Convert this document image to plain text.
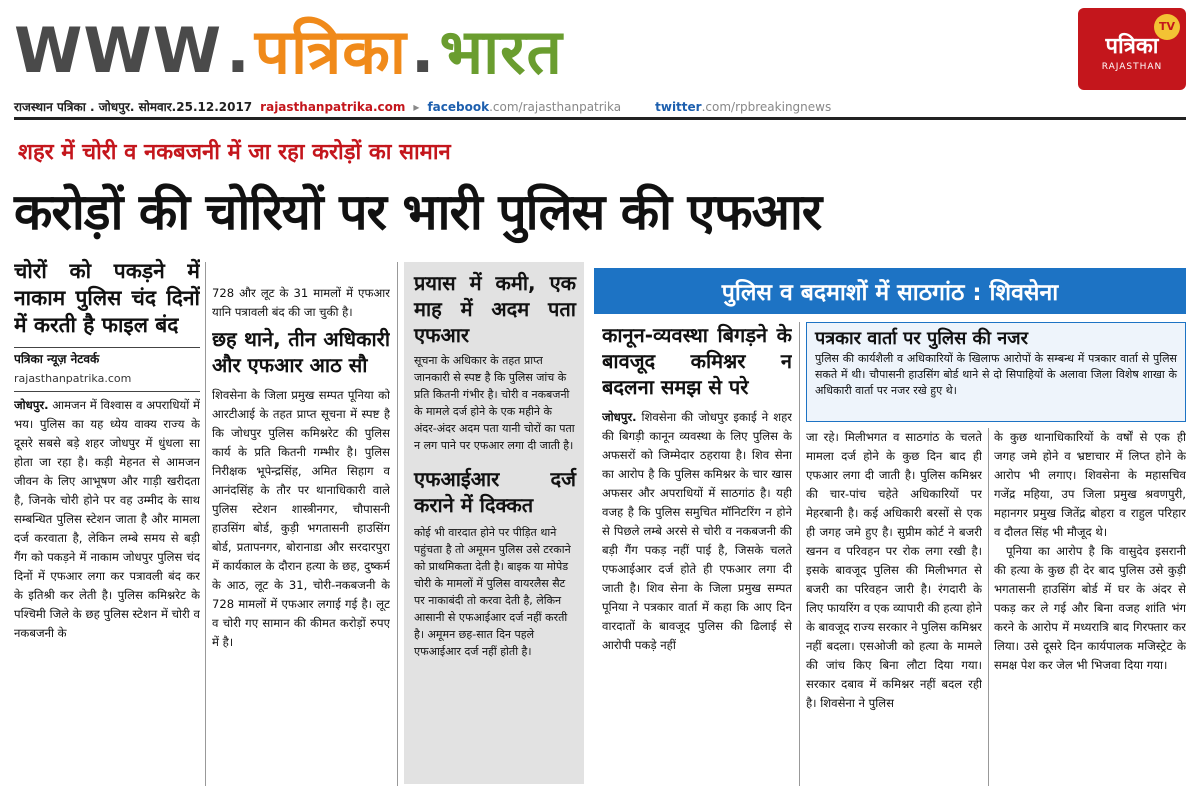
WWW . पत्रिका . भारत	TV
पत्रिका
RAJASTHAN
राजस्थान पत्रिका . जोधपुर. सोमवार.25.12.2017 rajasthanpatrika.com ▸ facebook.com/rajasthanpatrika	twitter.com/rpbreakingnews
शहर में चोरी व नकबजनी में जा रहा करोड़ों का सामान
करोड़ों की चोरियों पर भारी पुलिस की एफआर
चोरों को पकड़ने में नाकाम पुलिस चंद दिनों में करती है फाइल बंद
पत्रिका न्यूज़ नेटवर्क
rajasthanpatrika.com

जोधपुर. आमजन में विश्वास व अपराधियों में भय। पुलिस का यह ध्येय वाक्य राज्य के दूसरे सबसे बड़े शहर जोधपुर में धुंधला सा होता जा रहा है। कड़ी मेहनत से आमजन जीवन के लिए आभूषण और गाड़ी खरीदता है, जिनके चोरी होने पर वह उम्मीद के साथ सम्बन्धित पुलिस स्टेशन जाता है और मामला दर्ज करवाता है, लेकिन लम्बे समय से बड़ी गैंग को पकड़ने में नाकाम जोधपुर पुलिस चंद दिनों में एफआर लगा कर पत्रावली बंद कर के इतिश्री कर लेती है। पुलिस कमिश्नरेट के पश्चिमी जिले के छह पुलिस स्टेशन में चोरी व नकबजनी के

728 और लूट के 31 मामलों में एफआर यानि पत्रावली बंद की जा चुकी है।

छह थाने, तीन अधिकारी और एफआर आठ सौ

शिवसेना के जिला प्रमुख सम्पत पूनिया को आरटीआई के तहत प्राप्त सूचना में स्पष्ट है कि जोधपुर पुलिस कमिश्नरेट की पुलिस कार्य के प्रति कितनी गम्भीर है। पुलिस निरीक्षक भूपेन्द्रसिंह, अमित सिहाग व आनंदसिंह के तौर पर थानाधिकारी वाले पुलिस स्टेशन शास्त्रीनगर, चौपासनी हाउसिंग बोर्ड, कुड़ी भगतासनी हाउसिंग बोर्ड, प्रतापनगर, बोरानाडा और सरदारपुरा में कार्यकाल के दौरान हत्या के छह, दुष्कर्म के आठ, लूट के 31, चोरी-नकबजनी के 728 मामलों में एफआर लगाई गई है। लूट व चोरी गए सामान की कीमत करोड़ों रुपए में है।

प्रयास में कमी, एक माह में अदम पता एफआर

सूचना के अधिकार के तहत प्राप्त जानकारी से स्पष्ट है कि पुलिस जांच के प्रति कितनी गंभीर है। चोरी व नकबजनी के मामले दर्ज होने के एक महीने के अंदर-अंदर अदम पता यानी चोरों का पता न लग पाने पर एफआर लगा दी जाती है।

एफआईआर दर्ज कराने में दिक्कत

कोई भी वारदात होने पर पीड़ित थाने पहुंचता है तो अमूमन पुलिस उसे टरकाने को प्राथमिकता देती है। बाइक या मोपेड चोरी के मामलों में पुलिस वायरलैस सैट पर नाकाबंदी तो करवा देती है, लेकिन आसानी से एफआईआर दर्ज नहीं करती है। अमूमन छह-सात दिन पहले एफआईआर दर्ज नहीं होती है।

पुलिस व बदमाशों में साठगांठ : शिवसेना
कानून-व्यवस्था बिगड़ने के बावजूद कमिश्नर न बदलना समझ से परे

जोधपुर. शिवसेना की जोधपुर इकाई ने शहर की बिगड़ी कानून व्यवस्था के लिए पुलिस के अफसरों को जिम्मेदार ठहराया है। शिव सेना का आरोप है कि पुलिस कमिश्नर के चार खास अफसर और अपराधियों में साठगांठ है। यही वजह है कि पुलिस समुचित मॉनिटरिंग न होने से पिछले लम्बे अरसे से चोरी व नकबजनी की बड़ी गैंग पकड़ नहीं पाई है, जिसके चलते एफआईआर दर्ज होते ही एफआर लगा दी जाती है। शिव सेना के जिला प्रमुख सम्पत पूनिया ने पत्रकार वार्ता में कहा कि आए दिन वारदातों के बावजूद पुलिस की ढिलाई से आरोपी पकड़े नहीं

पत्रकार वार्ता पर पुलिस की नजर

पुलिस की कार्यशैली व अधिकारियों के खिलाफ आरोपों के सम्बन्ध में पत्रकार वार्ता से पुलिस सकते में थी। चौपासनी हाउसिंग बोर्ड थाने से दो सिपाहियों के अलावा जिला विशेष शाखा के अधिकारी वार्ता पर नजर रखे हुए थे।

जा रहे। मिलीभगत व साठगांठ के चलते मामला दर्ज होने के कुछ दिन बाद ही एफआर लगा दी जाती है। पुलिस कमिश्नर की चार-पांच चहेते अधिकारियों पर मेहरबानी है। कई अधिकारी बरसों से एक ही जगह जमे हुए है। सुप्रीम कोर्ट ने बजरी खनन व परिवहन पर रोक लगा रखी है। इसके बावजूद पुलिस की मिलीभगत से बजरी का परिवहन जारी है। रंगदारी के लिए फायरिंग व एक व्यापारी की हत्या होने के बावजूद राज्य सरकार ने पुलिस कमिश्नर नहीं बदला। एसओजी को हत्या के मामले की जांच किए बिना लौटा दिया गया। सरकार दबाव में कमिश्नर नहीं बदल रही है। शिवसेना ने पुलिस

के कुछ थानाधिकारियों के वर्षों से एक ही जगह जमे होने व भ्रष्टाचार में लिप्त होने के आरोप भी लगाए। शिवसेना के महासचिव गजेंद्र महिया, उप जिला प्रमुख श्रवणपुरी, महानगर प्रमुख जितेंद्र बोहरा व राहुल परिहार व दौलत सिंह भी मौजूद थे।

पूनिया का आरोप है कि वासुदेव इसरानी की हत्या के कुछ ही देर बाद पुलिस उसे कुड़ी भगतासनी हाउसिंग बोर्ड में घर के अंदर से पकड़ कर ले गई और बिना वजह शांति भंग करने के आरोप में मध्यरात्रि बाद गिरफ्तार कर लिया। उसे दूसरे दिन कार्यपालक मजिस्ट्रेट के समक्ष पेश कर जेल भी भिजवा दिया गया।
